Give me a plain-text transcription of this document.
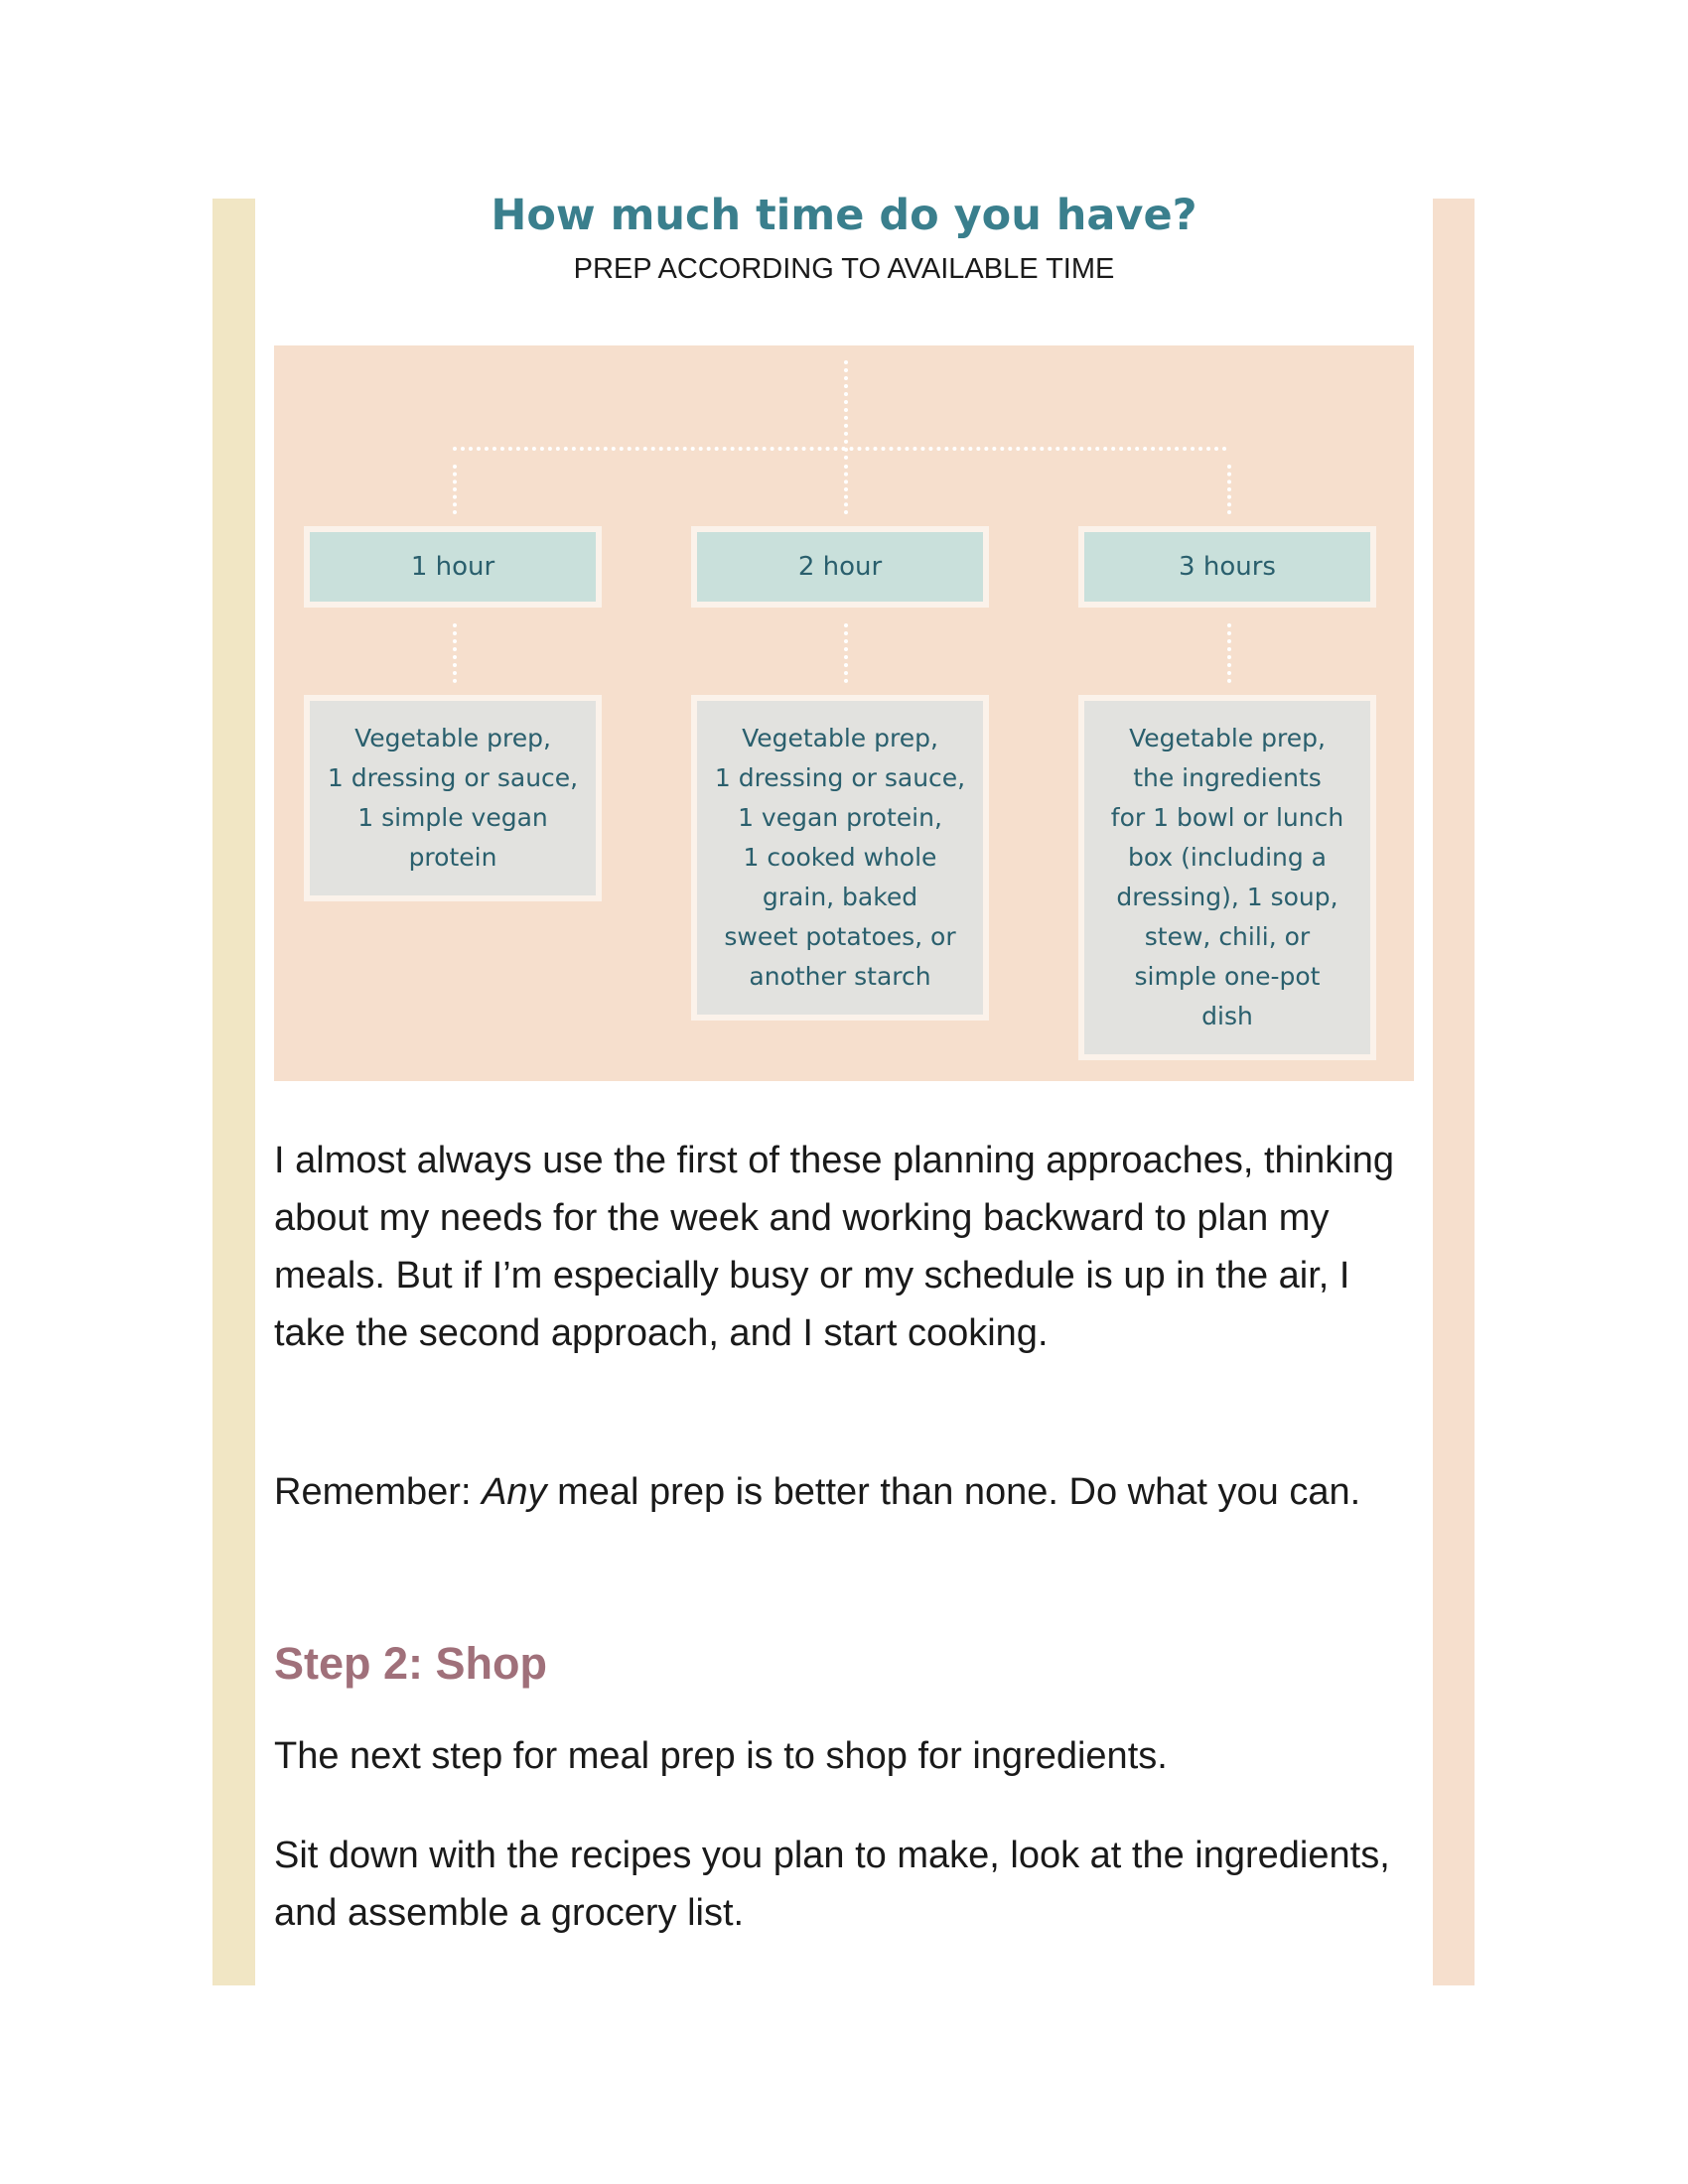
How much time do you have?
PREP ACCORDING TO AVAILABLE TIME
1 hour	2 hour	3 hours
Vegetable prep,
1 dressing or sauce,
1 simple vegan
protein
Vegetable prep,
1 dressing or sauce,
1 vegan protein,
1 cooked whole
grain, baked
sweet potatoes, or
another starch
Vegetable prep,
the ingredients
for 1 bowl or lunch
box (including a
dressing), 1 soup,
stew, chili, or
simple one-pot
dish

I almost always use the first of these planning approaches, thinking about my needs for the week and working backward to plan my meals. But if I’m especially busy or my schedule is up in the air, I take the second approach, and I start cooking.

Remember: Any meal prep is better than none. Do what you can.

Step 2: Shop

The next step for meal prep is to shop for ingredients.

Sit down with the recipes you plan to make, look at the ingredients, and assemble a grocery list.
